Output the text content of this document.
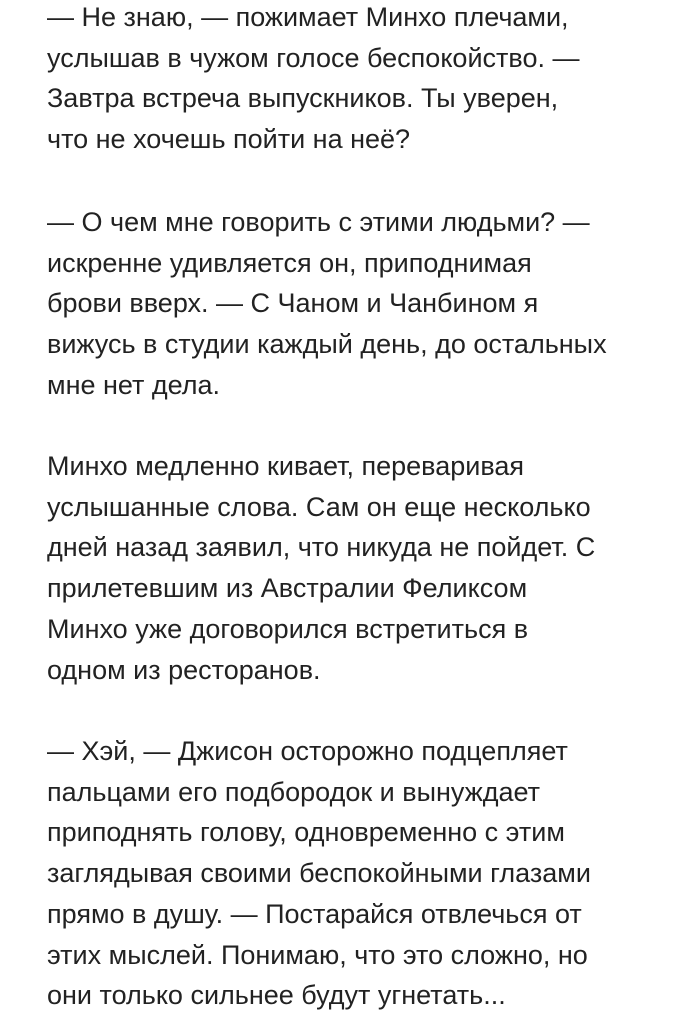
— Не знаю, — пожимает Минхо плечами,
услышав в чужом голосе беспокойство. —
Завтра встреча выпускников. Ты уверен,
что не хочешь пойти на неё?

— О чем мне говорить с этими людьми? —
искренне удивляется он, приподнимая
брови вверх. — С Чаном и Чанбином я
вижусь в студии каждый день, до остальных
мне нет дела.

Минхо медленно кивает, переваривая
услышанные слова. Сам он еще несколько
дней назад заявил, что никуда не пойдет. С
прилетевшим из Австралии Феликсом
Минхо уже договорился встретиться в
одном из ресторанов.

— Хэй, — Джисон осторожно подцепляет
пальцами его подбородок и вынуждает
приподнять голову, одновременно с этим
заглядывая своими беспокойными глазами
прямо в душу. — Постарайся отвлечься от
этих мыслей. Понимаю, что это сложно, но
они только сильнее будут угнетать...
